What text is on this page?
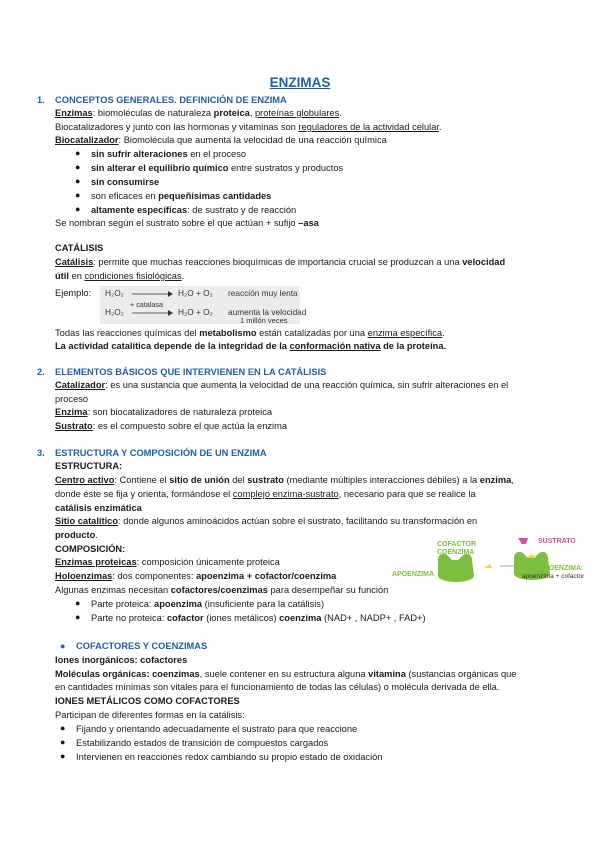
ENZIMAS
1. CONCEPTOS GENERALES. DEFINICIÓN DE ENZIMA
Enzimas: biomoléculas de naturaleza proteica, proteínas globulares.
Biocatalizadores y junto con las hormonas y vitaminas son reguladores de la actividad celular.
Biocatalizador: Biomolécula que aumenta la velocidad de una reacción química
● sin sufrir alteraciones en el proceso
● sin alterar el equilibrio químico entre sustratos y productos
● sin consumirse
● son eficaces en pequeñísimas cantidades
● altamente específicas: de sustrato y de reacción
Se nombran según el sustrato sobre el que actúan + sufijo –asa
CATÁLISIS
Catálisis: permite que muchas reacciones bioquímicas de importancia crucial se produzcan a una velocidad
útil en condiciones fisiológicas.
Ejemplo: H₂O₂	H₂O + O₂ reacción muy lenta
+ catalasa
H₂O₂	H₂O + O₂ aumenta la velocidad
1 millón veces
Todas las reacciones químicas del metabolismo están catalizadas por una enzima específica.
La actividad catalítica depende de la integridad de la conformación nativa de la proteína.
2. ELEMENTOS BÁSICOS QUE INTERVIENEN EN LA CATÁLISIS
Catalizador: es una sustancia que aumenta la velocidad de una reacción química, sin sufrir alteraciones en el
proceso
Enzima: son biocatalizadores de naturaleza proteica
Sustrato: es el compuesto sobre el que actúa la enzima
3. ESTRUCTURA Y COMPOSICIÓN DE UN ENZIMA
ESTRUCTURA:
Centro activo: Contiene el sitio de unión del sustrato (mediante múltiples interacciones débiles) a la enzima,
donde éste se fija y orienta, formándose el complejo enzima-sustrato, necesario para que se realice la
catálisis enzimática
Sitio catalítico: donde algunos aminoácidos actúan sobre el sustrato, facilitando su transformación en
producto.
COMPOSICIÓN:
Enzimas proteicas: composición únicamente proteica
Holoenzimas: dos componentes: apoenzima + cofactor/coenzima
Algunas enzimas necesitan cofactores/coenzimas para desempeñar su función
● Parte proteica: apoenzima (insuficiente para la catálisis)
● Parte no proteica: cofactor (iones metálicos) coenzima (NAD+ , NADP+ , FAD+)
COFACTOR
COENZIMA
SUSTRATO
APOENZIMA
HOLOENZIMA:
apoenzima + cofactor
● COFACTORES Y COENZIMAS
Iones inorgánicos: cofactores
Moléculas orgánicas: coenzimas, suele contener en su estructura alguna vitamina (sustancias orgánicas que
en cantidades mínimas son vitales para el funcionamiento de todas las células) o molécula derivada de ella.
IONES METÁLICOS COMO COFACTORES
Participan de diferentes formas en la catálisis:
● Fijando y orientando adecuadamente el sustrato para que reaccione
● Estabilizando estados de transición de compuestos cargados
● Intervienen en reacciones redox cambiando su propio estado de oxidación
